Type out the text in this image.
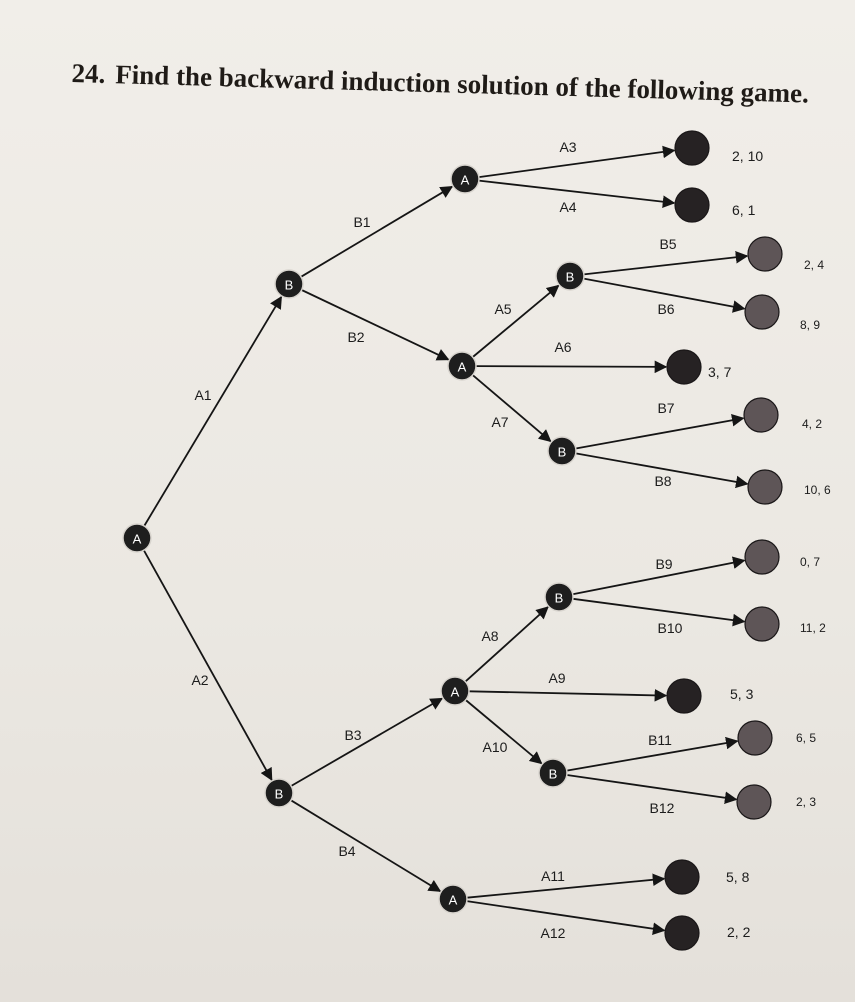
24. Find the backward induction solution of the following game.
A
B
B
A
A
A
A
B
B
B
B
A1
A2
B1
B2
B3
B4
A3
A4
A5
A6
A7
A8
A9
A10
A11
A12
B5
B6
B7
B8
B9
B10
B11
B12
2, 10
6, 1
2, 4
8, 9
3, 7
4, 2
10, 6
0, 7
11, 2
5, 3
6, 5
2, 3
5, 8
2, 2
